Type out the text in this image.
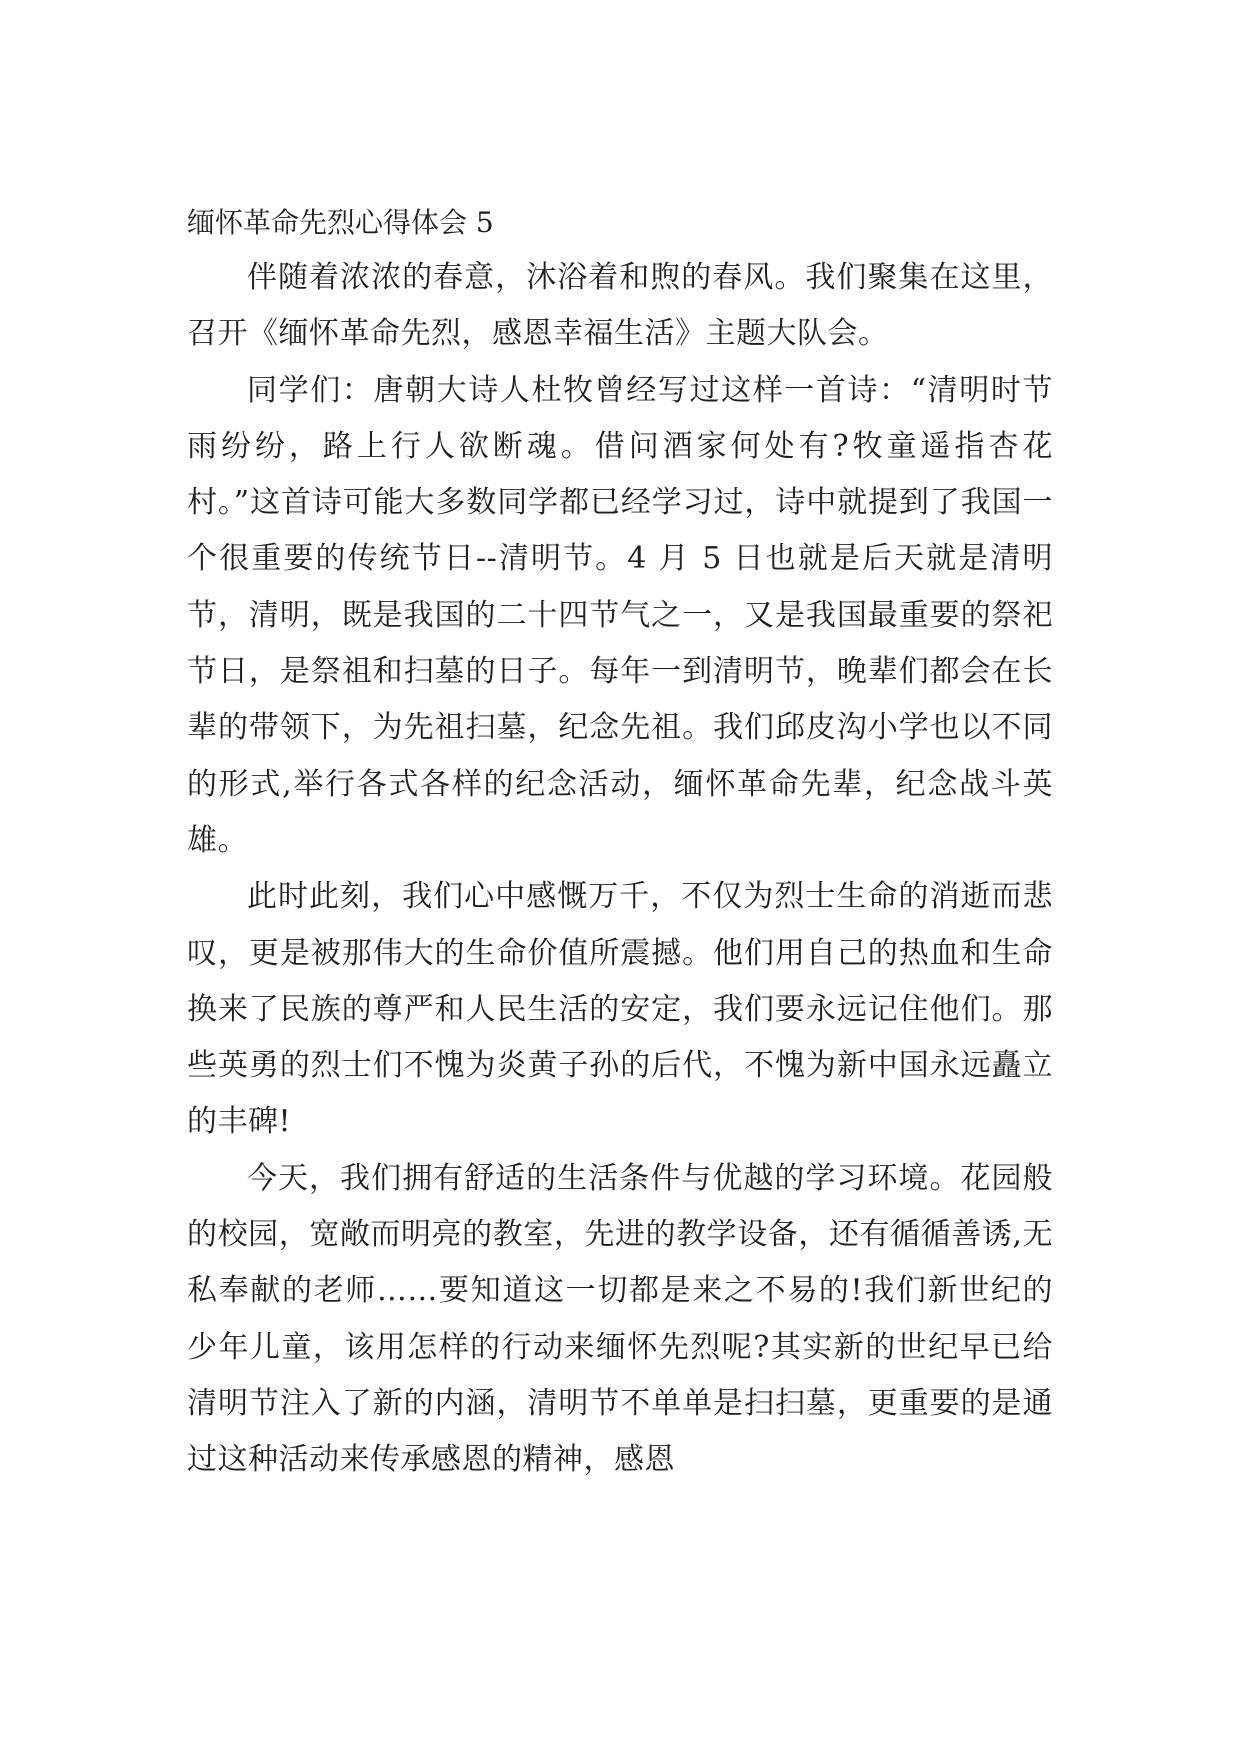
缅怀革命先烈心得体会 5

伴随着浓浓的春意，沐浴着和煦的春风。我们聚集在这里，召开《缅怀革命先烈，感恩幸福生活》主题大队会。

同学们：唐朝大诗人杜牧曾经写过这样一首诗：“清明时节雨纷纷，路上行人欲断魂。借问酒家何处有?牧童遥指杏花村。”这首诗可能大多数同学都已经学习过，诗中就提到了我国一个很重要的传统节日--清明节。4 月 5 日也就是后天就是清明节，清明，既是我国的二十四节气之一，又是我国最重要的祭祀节日，是祭祖和扫墓的日子。每年一到清明节，晚辈们都会在长辈的带领下，为先祖扫墓，纪念先祖。我们邱皮沟小学也以不同的形式,举行各式各样的纪念活动，缅怀革命先辈，纪念战斗英雄。

此时此刻，我们心中感慨万千，不仅为烈士生命的消逝而悲叹，更是被那伟大的生命价值所震撼。他们用自己的热血和生命换来了民族的尊严和人民生活的安定，我们要永远记住他们。那些英勇的烈士们不愧为炎黄子孙的后代，不愧为新中国永远矗立的丰碑!

今天，我们拥有舒适的生活条件与优越的学习环境。花园般的校园，宽敞而明亮的教室，先进的教学设备，还有循循善诱,无私奉献的老师……要知道这一切都是来之不易的!我们新世纪的少年儿童，该用怎样的行动来缅怀先烈呢?其实新的世纪早已给清明节注入了新的内涵，清明节不单单是扫扫墓，更重要的是通过这种活动来传承感恩的精神，感恩
